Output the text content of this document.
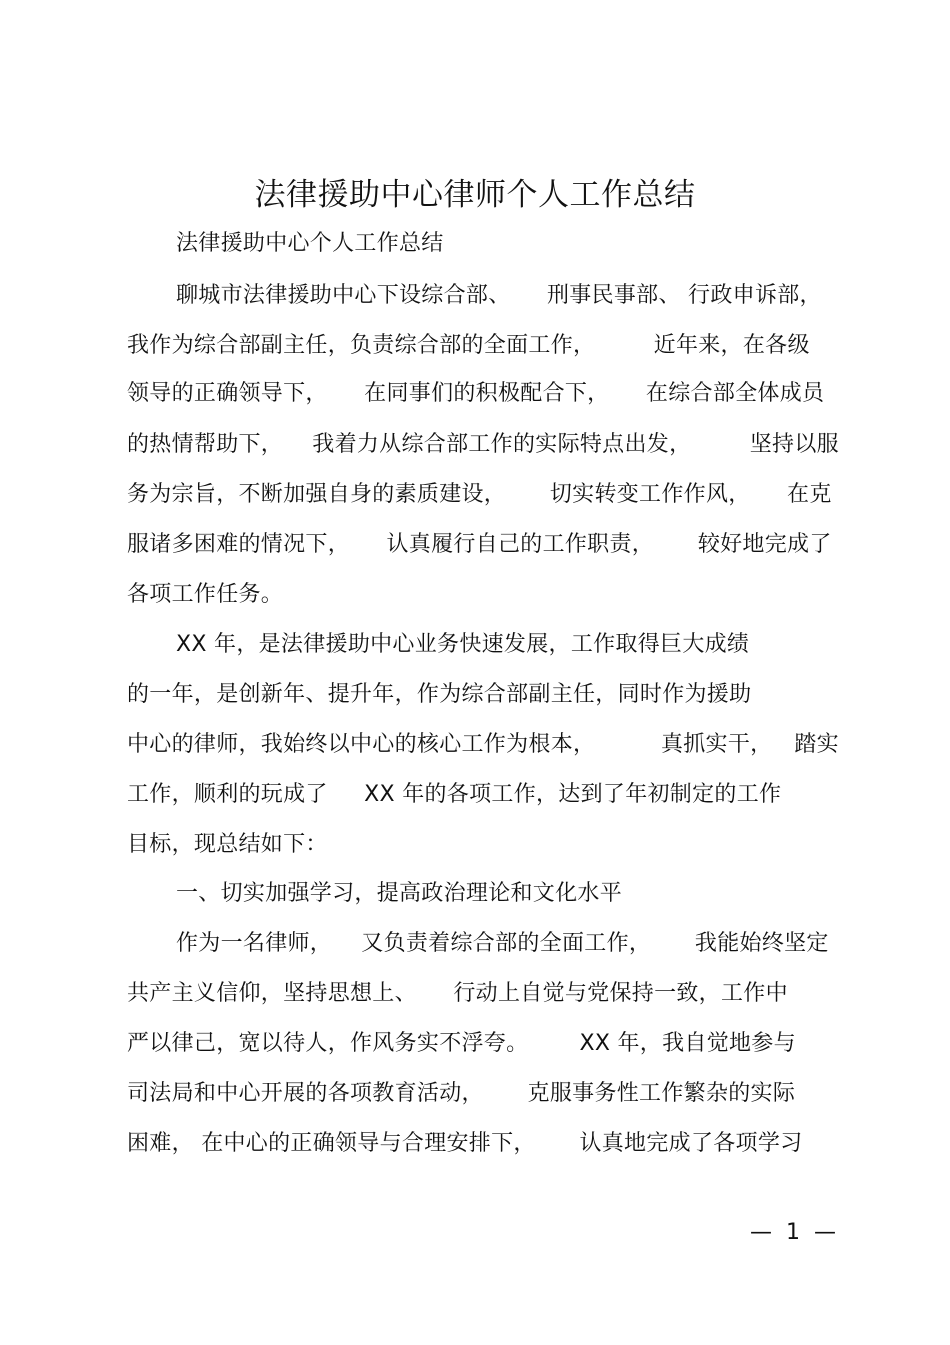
法律援助中心律师个人工作总结
法律援助中心个人工作总结
聊城市法律援助中心下设综合部、     刑事民事部、 行政申诉部，
我作为综合部副主任，负责综合部的全面工作，        近年来，在各级
领导的正确领导下，     在同事们的积极配合下，     在综合部全体成员
的热情帮助下，    我着力从综合部工作的实际特点出发，        坚持以服
务为宗旨，不断加强自身的素质建设，      切实转变工作作风，     在克
服诸多困难的情况下，     认真履行自己的工作职责，      较好地完成了
各项工作任务。
XX 年，是法律援助中心业务快速发展，工作取得巨大成绩
的一年，是创新年、提升年，作为综合部副主任，同时作为援助
中心的律师，我始终以中心的核心工作为根本，         真抓实干，   踏实
工作，顺利的玩成了     XX 年的各项工作，达到了年初制定的工作
目标，现总结如下：
一、切实加强学习，提高政治理论和文化水平
作为一名律师，    又负责着综合部的全面工作，      我能始终坚定
共产主义信仰，坚持思想上、     行动上自觉与党保持一致，工作中
严以律己，宽以待人，作风务实不浮夸。       XX 年，我自觉地参与
司法局和中心开展的各项教育活动，      克服事务性工作繁杂的实际
困难， 在中心的正确领导与合理安排下，      认真地完成了各项学习
—  1  —
